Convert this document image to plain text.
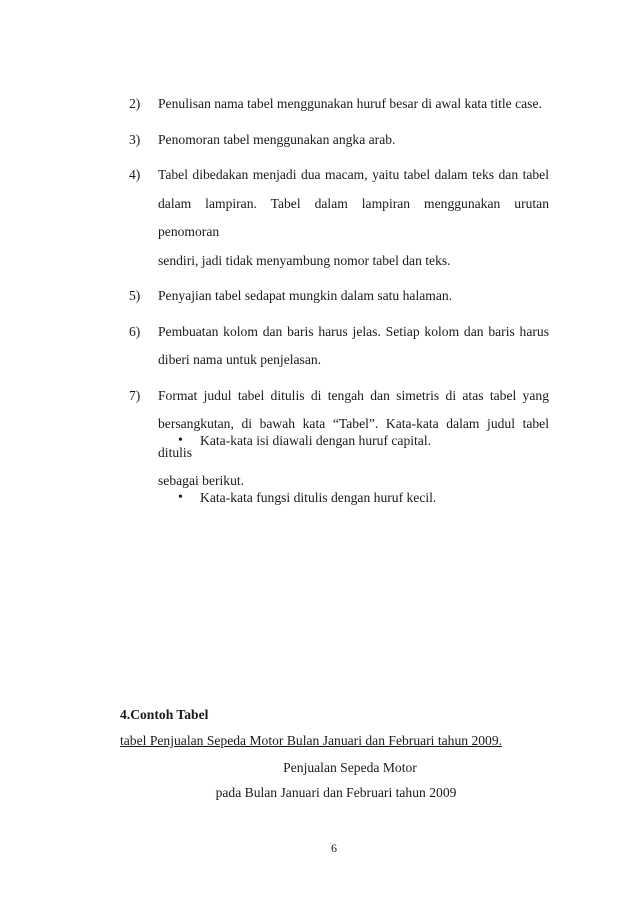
2) Penulisan nama tabel menggunakan huruf besar di awal kata title case.
3) Penomoran tabel menggunakan angka arab.
4) Tabel dibedakan menjadi dua macam, yaitu tabel dalam teks dan tabel
dalam lampiran. Tabel dalam lampiran menggunakan urutan penomoran
sendiri, jadi tidak menyambung nomor tabel dan teks.
5) Penyajian tabel sedapat mungkin dalam satu halaman.
6) Pembuatan kolom dan baris harus jelas. Setiap kolom dan baris harus
diberi nama untuk penjelasan.
7) Format judul tabel ditulis di tengah dan simetris di atas tabel yang
bersangkutan, di bawah kata “Tabel”. Kata-kata dalam judul tabel ditulis
sebagai berikut.
• Kata-kata isi diawali dengan huruf capital.
• Kata-kata fungsi ditulis dengan huruf kecil.
4.Contoh Tabel
tabel Penjualan Sepeda Motor Bulan Januari dan Februari tahun 2009.
Penjualan Sepeda Motor
pada Bulan Januari dan Februari tahun 2009
6
